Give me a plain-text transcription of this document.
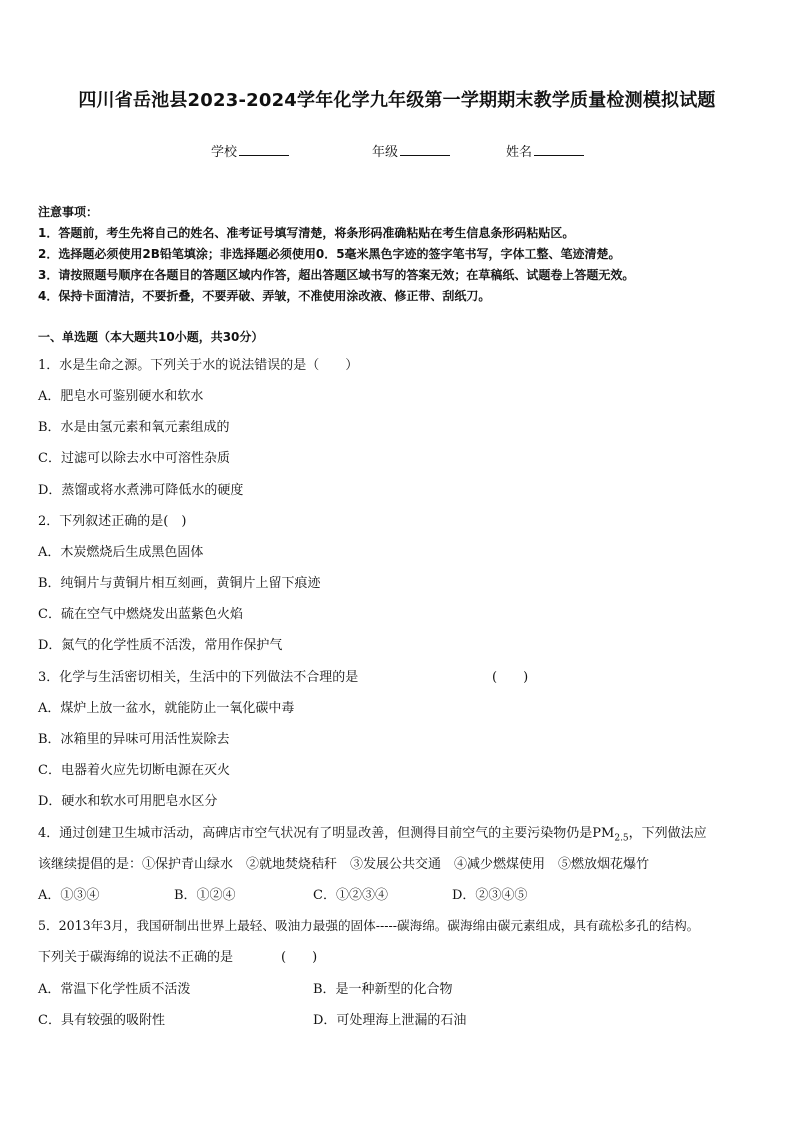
四川省岳池县2023-2024学年化学九年级第一学期期末教学质量检测模拟试题
学校	年级	姓名
注意事项：
1．答题前，考生先将自己的姓名、准考证号填写清楚，将条形码准确粘贴在考生信息条形码粘贴区。
2．选择题必须使用2B铅笔填涂；非选择题必须使用0．5毫米黑色字迹的签字笔书写，字体工整、笔迹清楚。
3．请按照题号顺序在各题目的答题区域内作答，超出答题区域书写的答案无效；在草稿纸、试题卷上答题无效。
4．保持卡面清洁，不要折叠，不要弄破、弄皱，不准使用涂改液、修正带、刮纸刀。
一、单选题（本大题共10小题，共30分）
1．水是生命之源。下列关于水的说法错误的是（　　）
A．肥皂水可鉴别硬水和软水
B．水是由氢元素和氧元素组成的
C．过滤可以除去水中可溶性杂质
D．蒸馏或将水煮沸可降低水的硬度
2．下列叙述正确的是(　)
A．木炭燃烧后生成黑色固体
B．纯铜片与黄铜片相互刻画，黄铜片上留下痕迹
C．硫在空气中燃烧发出蓝紫色火焰
D．氮气的化学性质不活泼，常用作保护气
3．化学与生活密切相关，生活中的下列做法不合理的是	(　　)
A．煤炉上放一盆水，就能防止一氧化碳中毒
B．冰箱里的异味可用活性炭除去
C．电器着火应先切断电源在灭火
D．硬水和软水可用肥皂水区分
4．通过创建卫生城市活动，高碑店市空气状况有了明显改善，但测得目前空气的主要污染物仍是$PM_{2.5}$，下列做法应
该继续提倡的是：①保护青山绿水　②就地焚烧秸秆　③发展公共交通　④减少燃煤使用　⑤燃放烟花爆竹
A．①③④	B．①②④	C．①②③④	D．②③④⑤
5．2013年3月，我国研制出世界上最轻、吸油力最强的固体-----碳海绵。碳海绵由碳元素组成，具有疏松多孔的结构。
下列关于碳海绵的说法不正确的是	(　　)
A．常温下化学性质不活泼	B．是一种新型的化合物
C．具有较强的吸附性	D．可处理海上泄漏的石油
